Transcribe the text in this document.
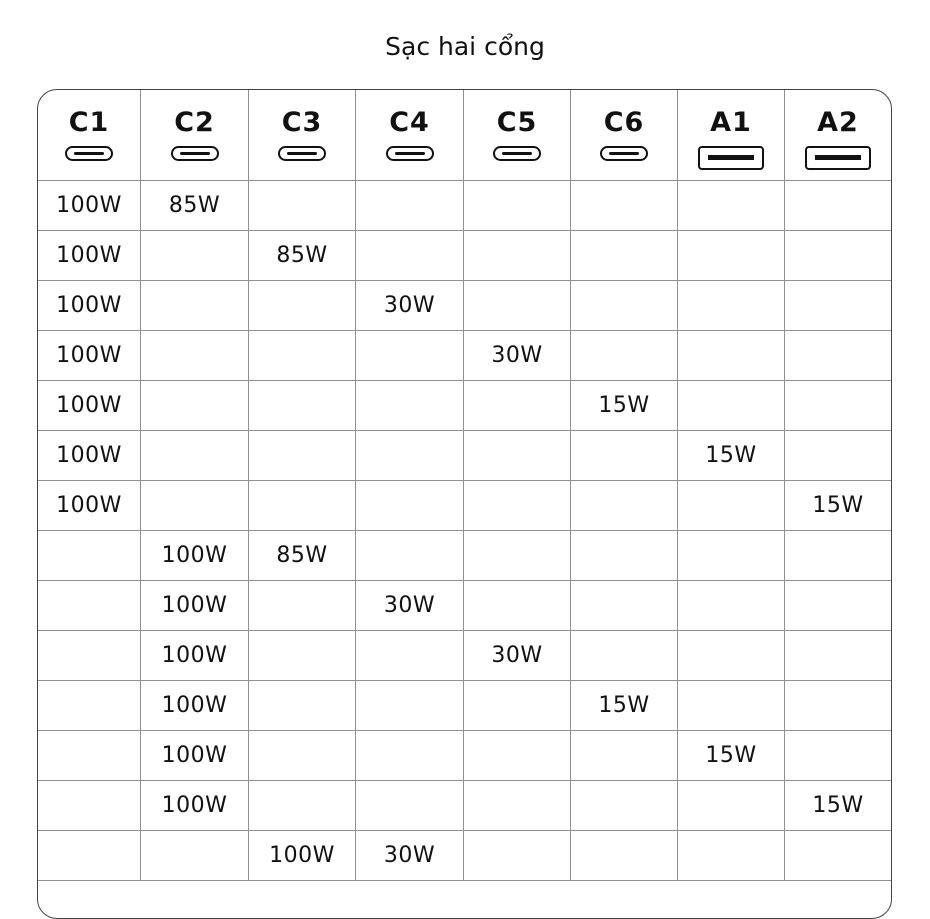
Sạc hai cổng
C1	C2	C3	C4	C5	C6	A1	A2

100W	85W						
100W		85W					
100W			30W				
100W				30W			
100W					15W		
100W						15W	
100W							15W
	100W	85W					
	100W		30W				
	100W			30W			
	100W				15W		
	100W					15W	
	100W						15W
		100W	30W				
